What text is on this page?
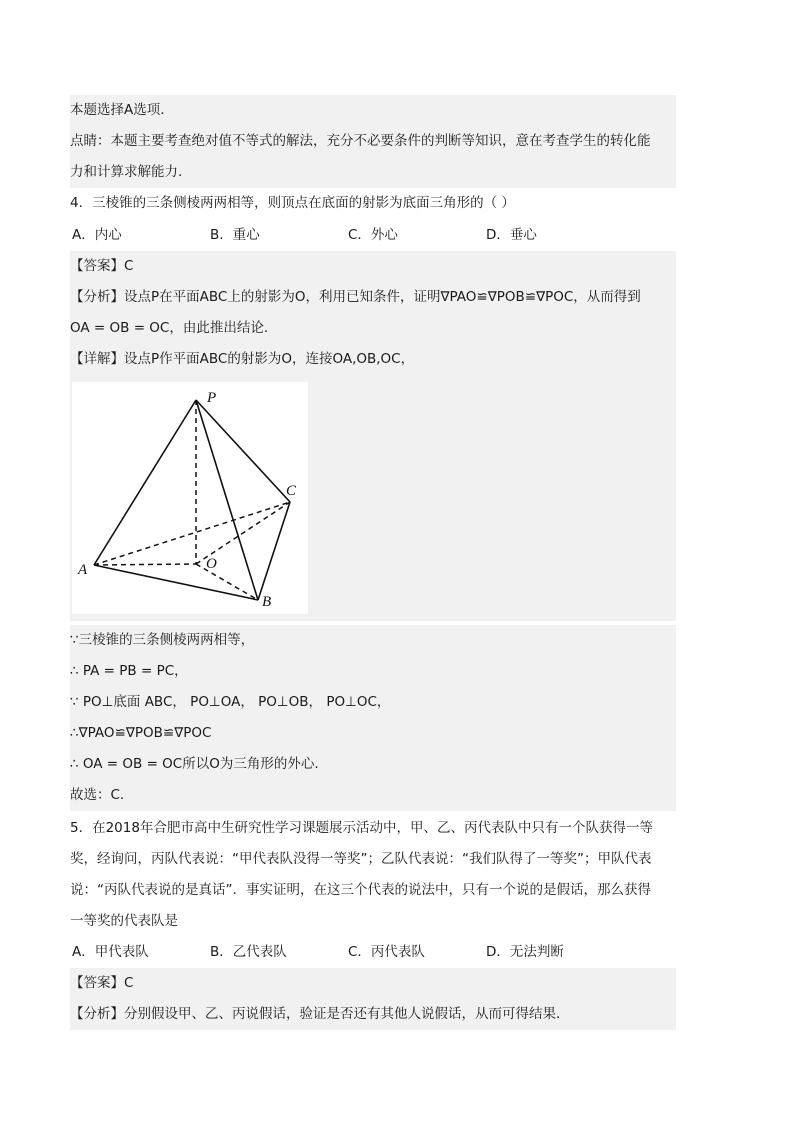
本题选择A选项.
点睛：本题主要考查绝对值不等式的解法，充分不必要条件的判断等知识，意在考查学生的转化能
力和计算求解能力.
4．三棱锥的三条侧棱两两相等，则顶点在底面的射影为底面三角形的（ ）
A．内心	B．重心	C．外心	D．垂心
【答案】C
【分析】设点P在平面ABC上的射影为O，利用已知条件，证明∇PAO≌∇POB≌∇POC，从而得到
OA = OB = OC，由此推出结论.
【详解】设点P作平面ABC的射影为O，连接OA,OB,OC，
P
A
B
C
O
∵三棱锥的三条侧棱两两相等，
∴ PA = PB = PC，
∵ PO⊥底面 ABC， PO⊥OA， PO⊥OB， PO⊥OC，
∴∇PAO≌∇POB≌∇POC
∴ OA = OB = OC所以O为三角形的外心.
故选：C.
5．在2018年合肥市高中生研究性学习课题展示活动中，甲、乙、丙代表队中只有一个队获得一等
奖，经询问，丙队代表说：“甲代表队没得一等奖”；乙队代表说：“我们队得了一等奖”；甲队代表
说：“丙队代表说的是真话”．事实证明，在这三个代表的说法中，只有一个说的是假话，那么获得
一等奖的代表队是
A．甲代表队	B．乙代表队	C．丙代表队	D．无法判断
【答案】C
【分析】分别假设甲、乙、丙说假话，验证是否还有其他人说假话，从而可得结果.
